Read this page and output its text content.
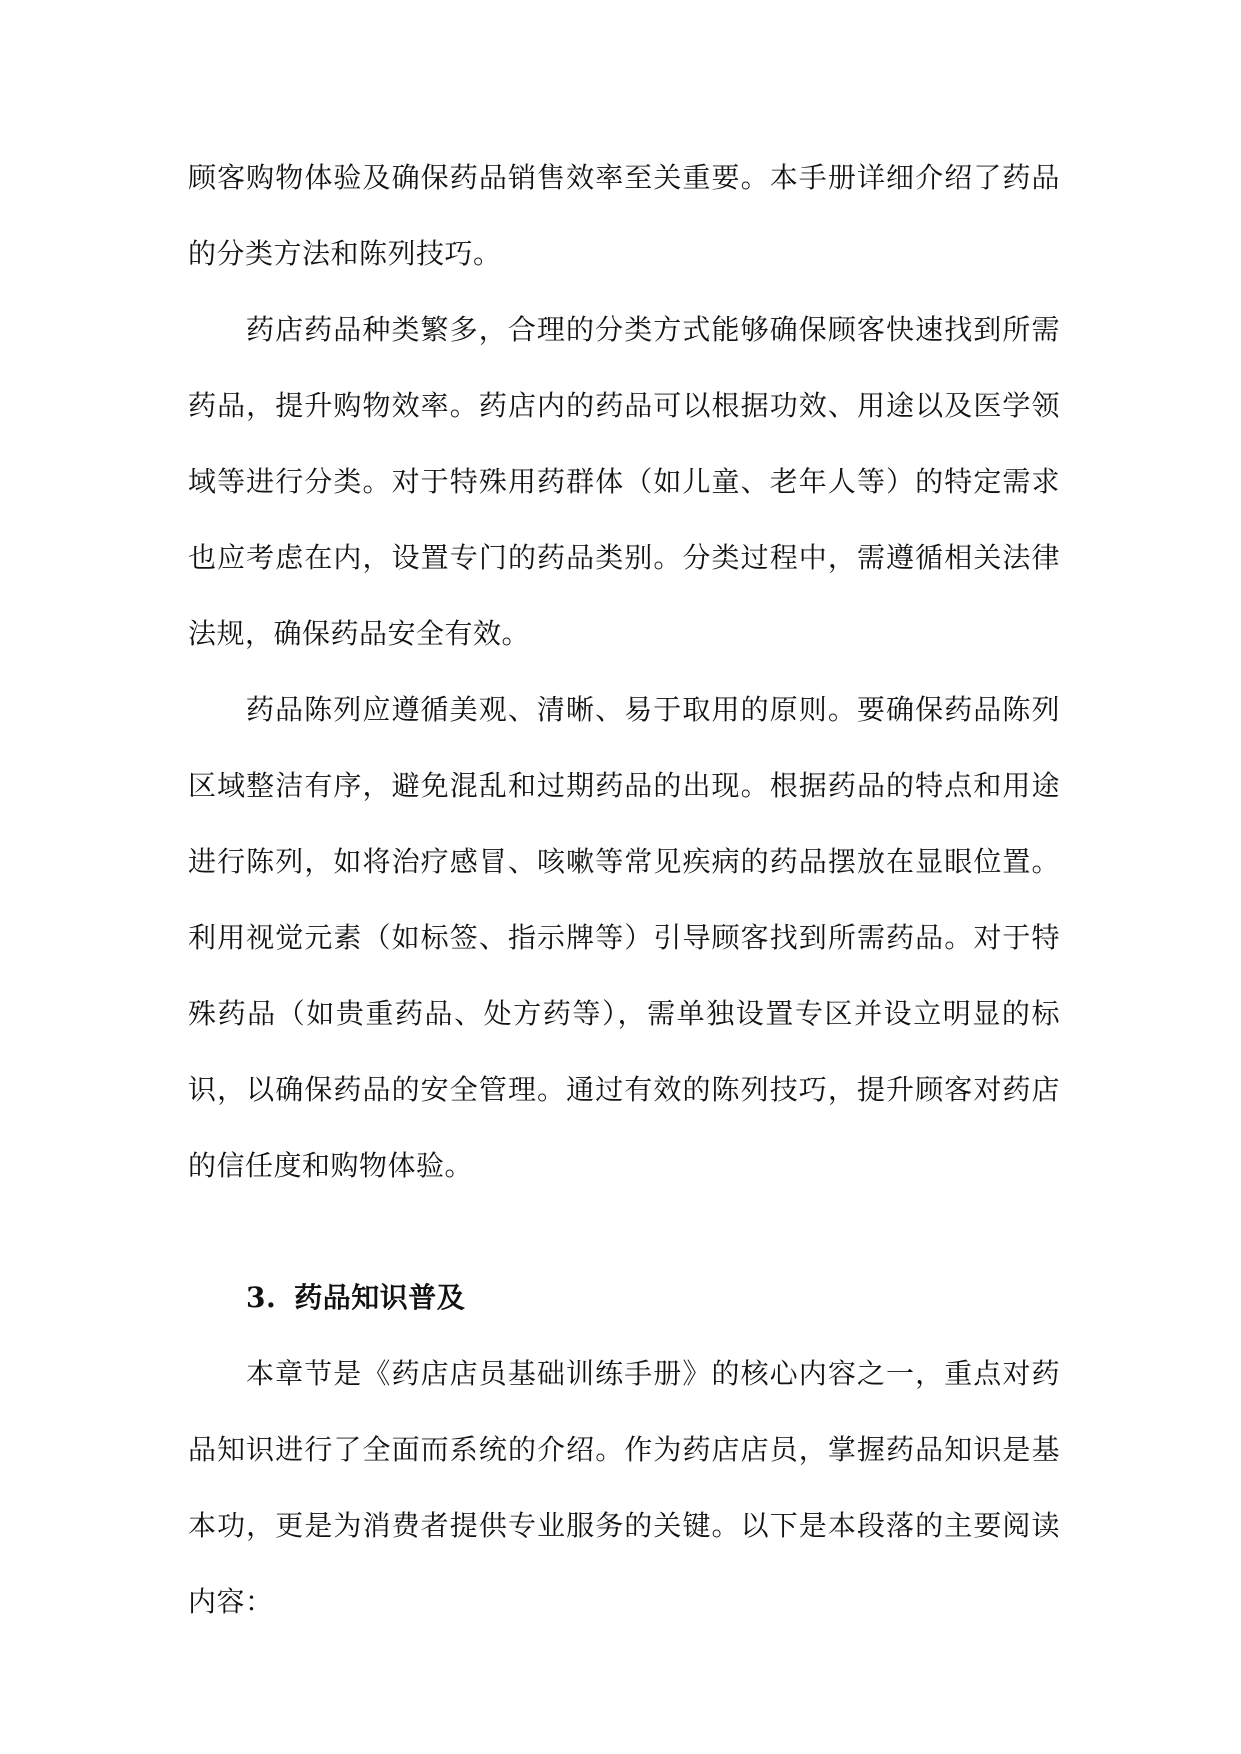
顾客购物体验及确保药品销售效率至关重要。本手册详细介绍了药品的分类方法和陈列技巧。

药店药品种类繁多，合理的分类方式能够确保顾客快速找到所需药品，提升购物效率。药店内的药品可以根据功效、用途以及医学领域等进行分类。对于特殊用药群体（如儿童、老年人等）的特定需求也应考虑在内，设置专门的药品类别。分类过程中，需遵循相关法律法规，确保药品安全有效。

药品陈列应遵循美观、清晰、易于取用的原则。要确保药品陈列区域整洁有序，避免混乱和过期药品的出现。根据药品的特点和用途进行陈列，如将治疗感冒、咳嗽等常见疾病的药品摆放在显眼位置。利用视觉元素（如标签、指示牌等）引导顾客找到所需药品。对于特殊药品（如贵重药品、处方药等），需单独设置专区并设立明显的标识，以确保药品的安全管理。通过有效的陈列技巧，提升顾客对药店的信任度和购物体验。

3. 药品知识普及

本章节是《药店店员基础训练手册》的核心内容之一，重点对药品知识进行了全面而系统的介绍。作为药店店员，掌握药品知识是基本功，更是为消费者提供专业服务的关键。以下是本段落的主要阅读内容：
